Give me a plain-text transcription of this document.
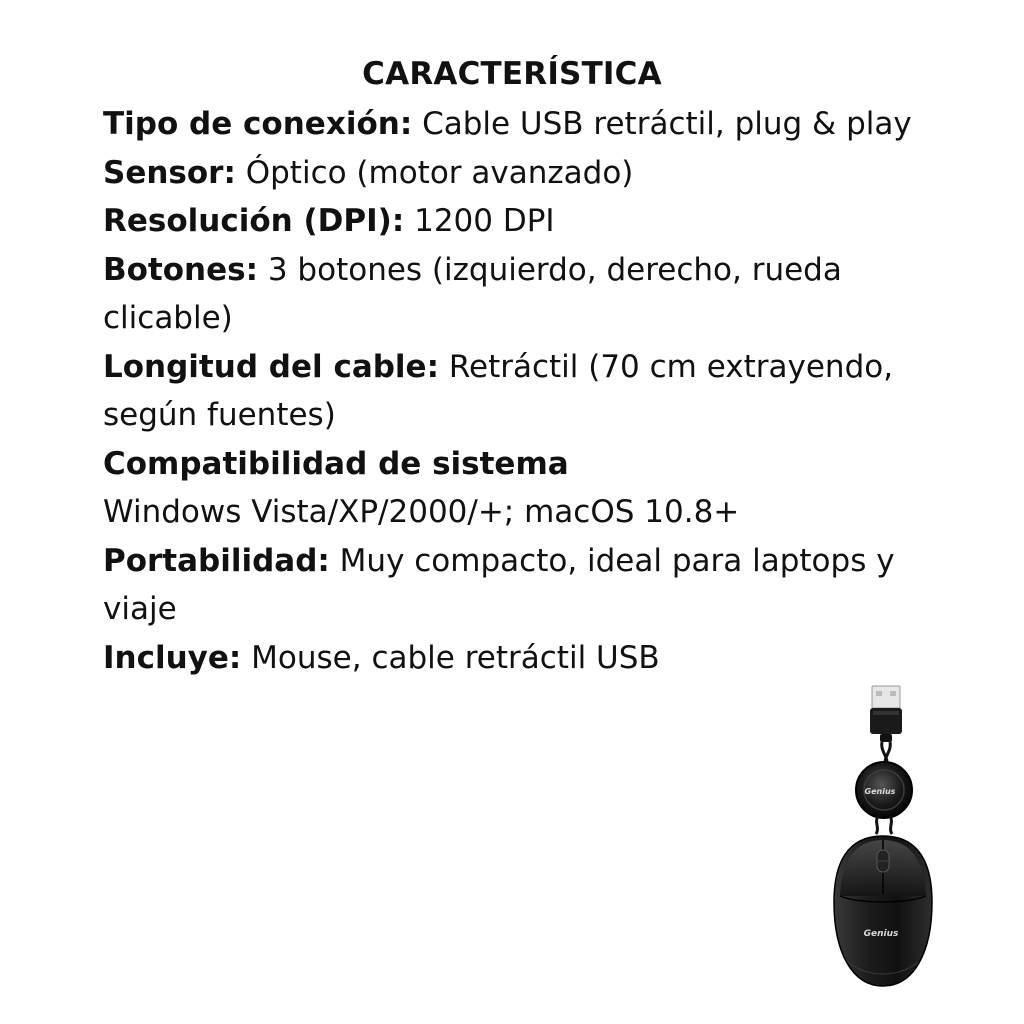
CARACTERÍSTICA
Tipo de conexión: Cable USB retráctil, plug & play
Sensor: Óptico (motor avanzado)
Resolución (DPI): 1200 DPI
Botones: 3 botones (izquierdo, derecho, rueda clicable)
Longitud del cable: Retráctil (70 cm extrayendo, según fuentes)
Compatibilidad de sistema
Windows Vista/XP/2000/+; macOS 10.8+
Portabilidad: Muy compacto, ideal para laptops y viaje
Incluye: Mouse, cable retráctil USB
Genius
Genius
